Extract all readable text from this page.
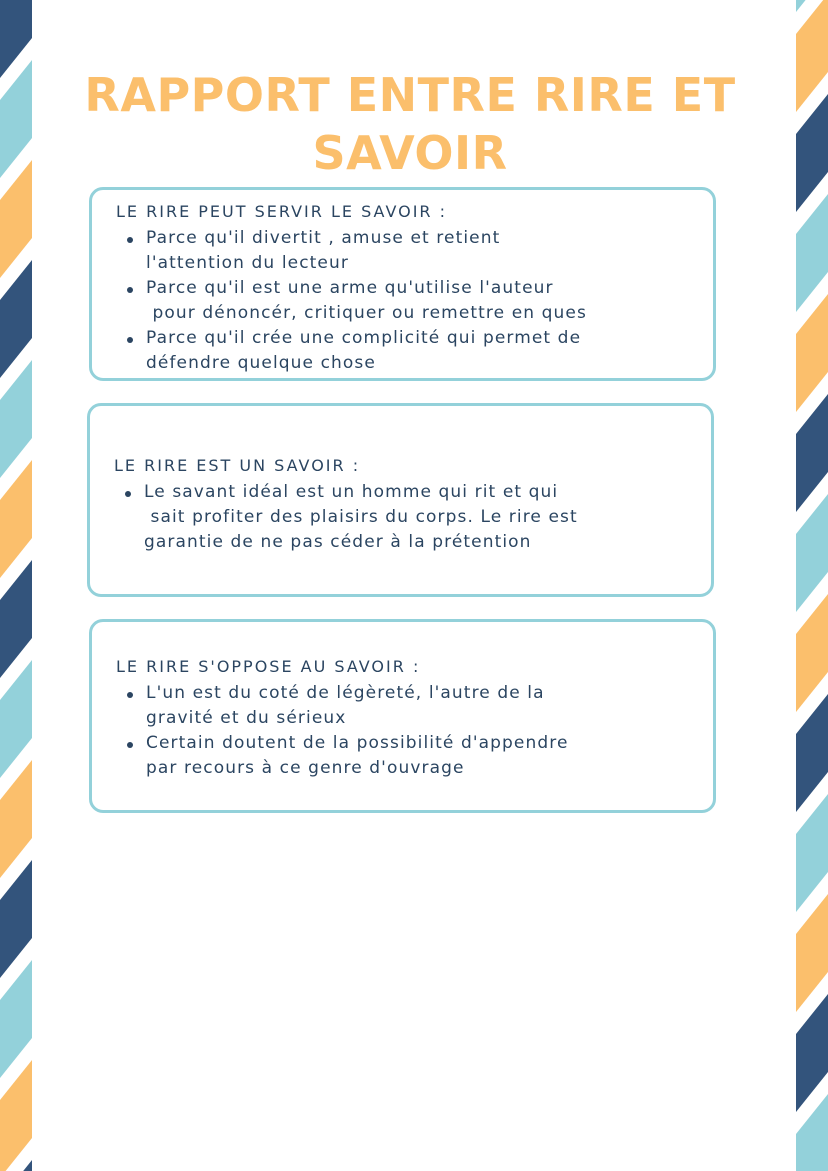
RAPPORT ENTRE RIRE ET
SAVOIR
LE RIRE PEUT SERVIR LE SAVOIR :
Parce qu'il divertit , amuse et retient
l'attention du lecteur
Parce qu'il est une arme qu'utilise l'auteur
pour dénoncér, critiquer ou remettre en ques
Parce qu'il crée une complicité qui permet de
défendre quelque chose
LE RIRE EST UN SAVOIR :
Le savant idéal est un homme qui rit et qui
sait profiter des plaisirs du corps. Le rire est
garantie de ne pas céder à la prétention
LE RIRE S'OPPOSE AU SAVOIR :
L'un est du coté de légèreté, l'autre de la
gravité et du sérieux
Certain doutent de la possibilité d'appendre
par recours à ce genre d'ouvrage
